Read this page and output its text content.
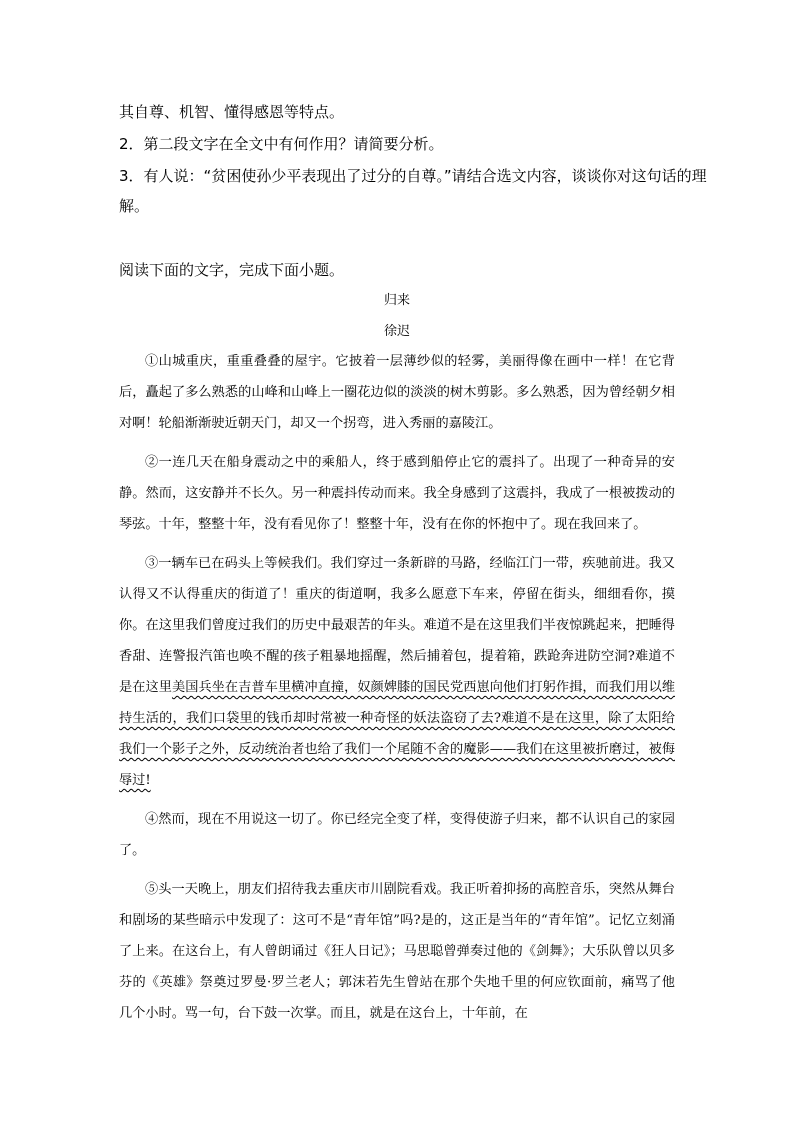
其自尊、机智、懂得感恩等特点。
2．第二段文字在全文中有何作用？请简要分析。
3．有人说：“贫困使孙少平表现出了过分的自尊。”请结合选文内容，谈谈你对这句话的理
解。
阅读下面的文字，完成下面小题。
归来
徐迟

①山城重庆，重重叠叠的屋宇。它披着一层薄纱似的轻雾，美丽得像在画中一样！在它背后，矗起了多么熟悉的山峰和山峰上一圈花边似的淡淡的树木剪影。多么熟悉，因为曾经朝夕相对啊！轮船渐渐驶近朝天门，却又一个拐弯，进入秀丽的嘉陵江。

②一连几天在船身震动之中的乘船人，终于感到船停止它的震抖了。出现了一种奇异的安静。然而，这安静并不长久。另一种震抖传动而来。我全身感到了这震抖，我成了一根被拨动的琴弦。十年，整整十年，没有看见你了！整整十年，没有在你的怀抱中了。现在我回来了。

③一辆车已在码头上等候我们。我们穿过一条新辟的马路，经临江门一带，疾驰前进。我又认得又不认得重庆的街道了！重庆的街道啊，我多么愿意下车来，停留在街头，细细看你，摸你。在这里我们曾度过我们的历史中最艰苦的年头。难道不是在这里我们半夜惊跳起来，把睡得香甜、连警报汽笛也唤不醒的孩子粗暴地摇醒，然后捕着包，提着箱，跌跄奔进防空洞?难道不是在这里美国兵坐在吉普车里横冲直撞，奴颜婢膝的国民党西崽向他们打躬作揖，而我们用以维持生活的，我们口袋里的钱币却时常被一种奇怪的妖法盗窃了去?难道不是在这里，除了太阳给我们一个影子之外，反动统治者也给了我们一个尾随不舍的魔影——我们在这里被折磨过，被侮辱过!

④然而，现在不用说这一切了。你已经完全变了样，变得使游子归来，都不认识自己的家园了。

⑤头一天晚上，朋友们招待我去重庆市川剧院看戏。我正听着抑扬的高腔音乐，突然从舞台和剧场的某些暗示中发现了：这可不是“青年馆”吗?是的，这正是当年的“青年馆”。记忆立刻涌了上来。在这台上，有人曾朗诵过《狂人日记》；马思聪曾弹奏过他的《剑舞》；大乐队曾以贝多芬的《英雄》祭奠过罗曼·罗兰老人；郭沫若先生曾站在那个失地千里的何应钦面前，痛骂了他几个小时。骂一句，台下鼓一次掌。而且，就是在这台上，十年前，在
